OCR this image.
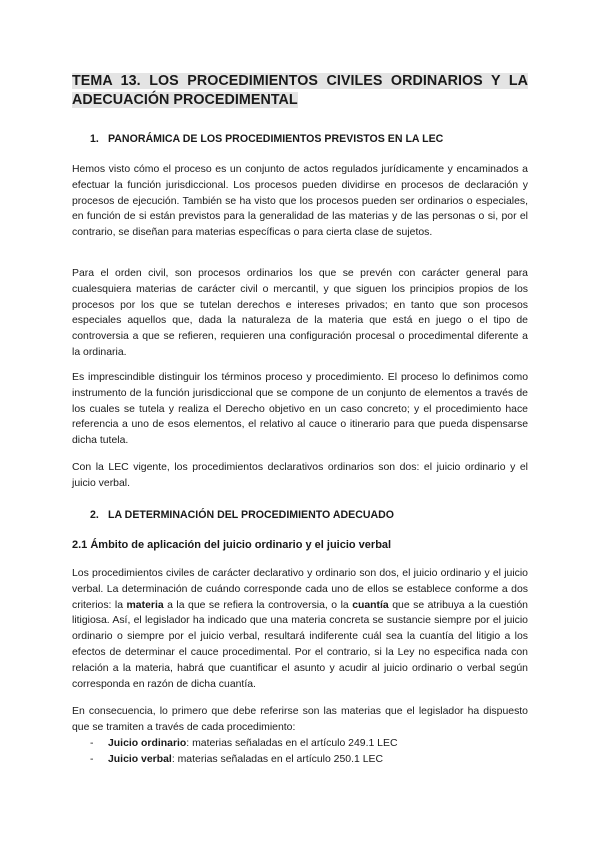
TEMA 13. LOS PROCEDIMIENTOS CIVILES ORDINARIOS Y LA ADECUACIÓN PROCEDIMENTAL
1. PANORÁMICA DE LOS PROCEDIMIENTOS PREVISTOS EN LA LEC

Hemos visto cómo el proceso es un conjunto de actos regulados jurídicamente y encaminados a efectuar la función jurisdiccional. Los procesos pueden dividirse en procesos de declaración y procesos de ejecución. También se ha visto que los procesos pueden ser ordinarios o especiales, en función de si están previstos para la generalidad de las materias y de las personas o si, por el contrario, se diseñan para materias específicas o para cierta clase de sujetos.

Para el orden civil, son procesos ordinarios los que se prevén con carácter general para cualesquiera materias de carácter civil o mercantil, y que siguen los principios propios de los procesos por los que se tutelan derechos e intereses privados; en tanto que son procesos especiales aquellos que, dada la naturaleza de la materia que está en juego o el tipo de controversia a que se refieren, requieren una configuración procesal o procedimental diferente a la ordinaria.

Es imprescindible distinguir los términos proceso y procedimiento. El proceso lo definimos como instrumento de la función jurisdiccional que se compone de un conjunto de elementos a través de los cuales se tutela y realiza el Derecho objetivo en un caso concreto; y el procedimiento hace referencia a uno de esos elementos, el relativo al cauce o itinerario para que pueda dispensarse dicha tutela.

Con la LEC vigente, los procedimientos declarativos ordinarios son dos: el juicio ordinario y el juicio verbal.

2. LA DETERMINACIÓN DEL PROCEDIMIENTO ADECUADO
2.1 Ámbito de aplicación del juicio ordinario y el juicio verbal

Los procedimientos civiles de carácter declarativo y ordinario son dos, el juicio ordinario y el juicio verbal. La determinación de cuándo corresponde cada uno de ellos se establece conforme a dos criterios: la materia a la que se refiera la controversia, o la cuantía que se atribuya a la cuestión litigiosa. Así, el legislador ha indicado que una materia concreta se sustancie siempre por el juicio ordinario o siempre por el juicio verbal, resultará indiferente cuál sea la cuantía del litigio a los efectos de determinar el cauce procedimental. Por el contrario, si la Ley no especifica nada con relación a la materia, habrá que cuantificar el asunto y acudir al juicio ordinario o verbal según corresponda en razón de dicha cuantía.

En consecuencia, lo primero que debe referirse son las materias que el legislador ha dispuesto que se tramiten a través de cada procedimiento:

- Juicio ordinario: materias señaladas en el artículo 249.1 LEC
- Juicio verbal: materias señaladas en el artículo 250.1 LEC
